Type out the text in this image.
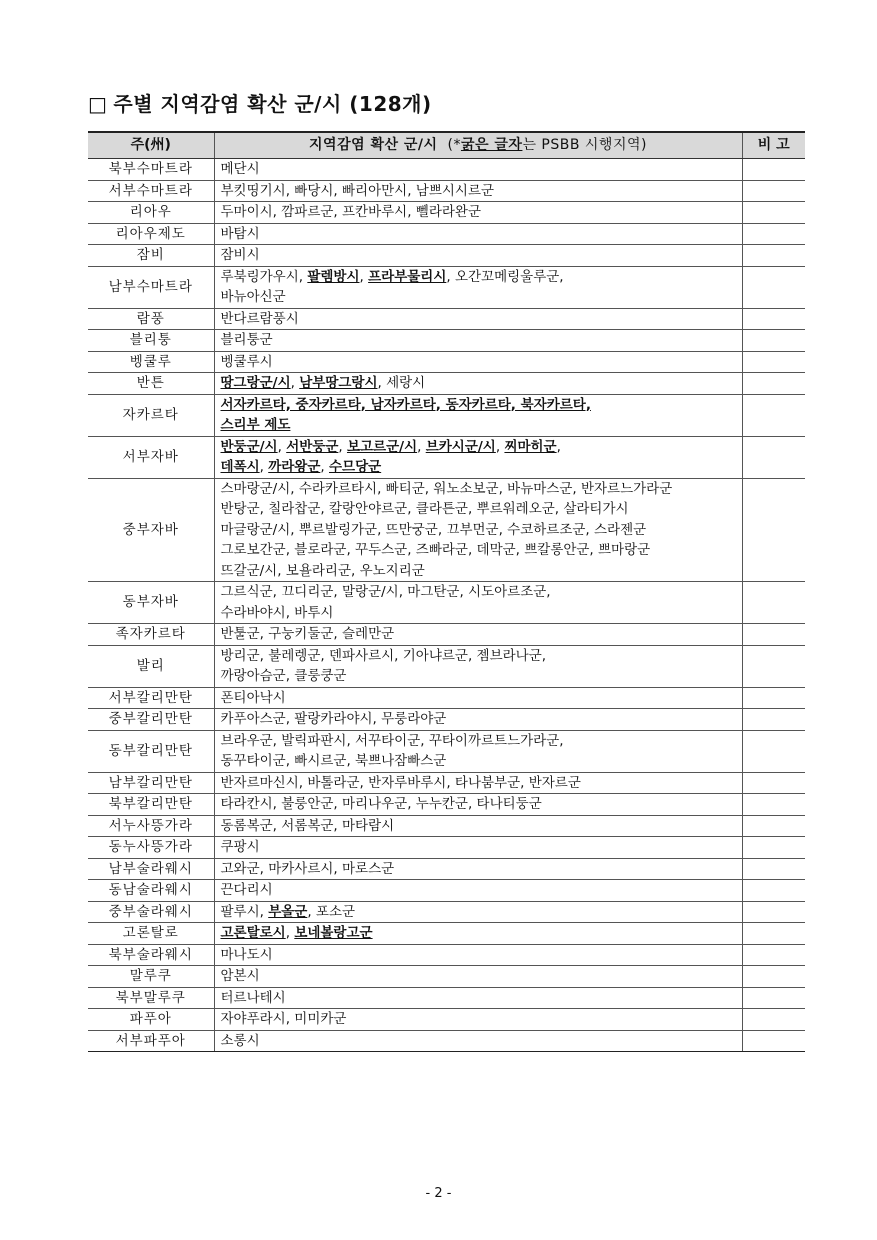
□ 주별 지역감염 확산 군/시 (128개)
주(州)	지역감염 확산 군/시 (*굵은 글자는 PSBB 시행지역)	비 고
북부수마트라	메단시	
서부수마트라	부킷띵기시, 빠당시, 빠리아만시, 남쁘시시르군	
리아우	두마이시, 깜파르군, 프칸바루시, 뻴라라완군	
리아우제도	바탐시	
잠비	잠비시	
남부수마트라	루북링가우시, 팔렘방시, 프라부물리시, 오간꼬메링울루군,
바뉴아신군	
람풍	반다르람풍시	
블리퉁	블리퉁군	
벵쿨루	벵쿨루시	
반튼	땅그랑군/시, 남부땅그랑시, 세랑시	
자카르타	서자카르타, 중자카르타, 남자카르타, 동자카르타, 북자카르타,
스리부 제도	
서부자바	반둥군/시, 서반둥군, 보고르군/시, 브카시군/시, 찌마히군,
데폭시, 까라왕군, 수므당군	
중부자바	스마랑군/시, 수라카르타시, 빠티군, 워노소보군, 바뉴마스군, 반자르느가라군
반탕군, 칠라찹군, 칼랑안야르군, 클라튼군, 뿌르워레오군, 살라티가시
마글랑군/시, 뿌르발링가군, 뜨만궁군, 끄부먼군, 수코하르조군, 스라젠군
그로보간군, 블로라군, 꾸두스군, 즈빠라군, 데막군, 쁘칼롱안군, 쁘마랑군
뜨갈군/시, 보욜라리군, 우노지리군	
동부자바	그르식군, 끄디리군, 말랑군/시, 마그탄군, 시도아르조군,
수라바야시, 바투시	
족자카르타	반툴군, 구눙키둘군, 슬레만군	
발리	방리군, 불레렝군, 덴파사르시, 기아냐르군, 젬브라나군,
까랑아슴군, 클룽쿵군	
서부칼리만탄	폰티아낙시	
중부칼리만탄	카푸아스군, 팔랑카라야시, 무룽라야군	
동부칼리만탄	브라우군, 발릭파판시, 서꾸타이군, 꾸타이까르트느가라군,
동꾸타이군, 빠시르군, 북쁘나잠빠스군	
남부칼리만탄	반자르마신시, 바톨라군, 반자루바루시, 타나붐부군, 반자르군	
북부칼리만탄	타라칸시, 불룽안군, 마리나우군, 누누칸군, 타나티둥군	
서누사뜽가라	동롬복군, 서롬복군, 마타람시	
동누사뜽가라	쿠팡시	
남부술라웨시	고와군, 마카사르시, 마로스군	
동남술라웨시	끈다리시	
중부술라웨시	팔루시, 부올군, 포소군	
고론탈로	고론탈로시, 보네볼랑고군	
북부술라웨시	마나도시	
말루쿠	암본시	
북부말루쿠	터르나테시	
파푸아	자야푸라시, 미미카군	
서부파푸아	소롱시	
- 2 -
